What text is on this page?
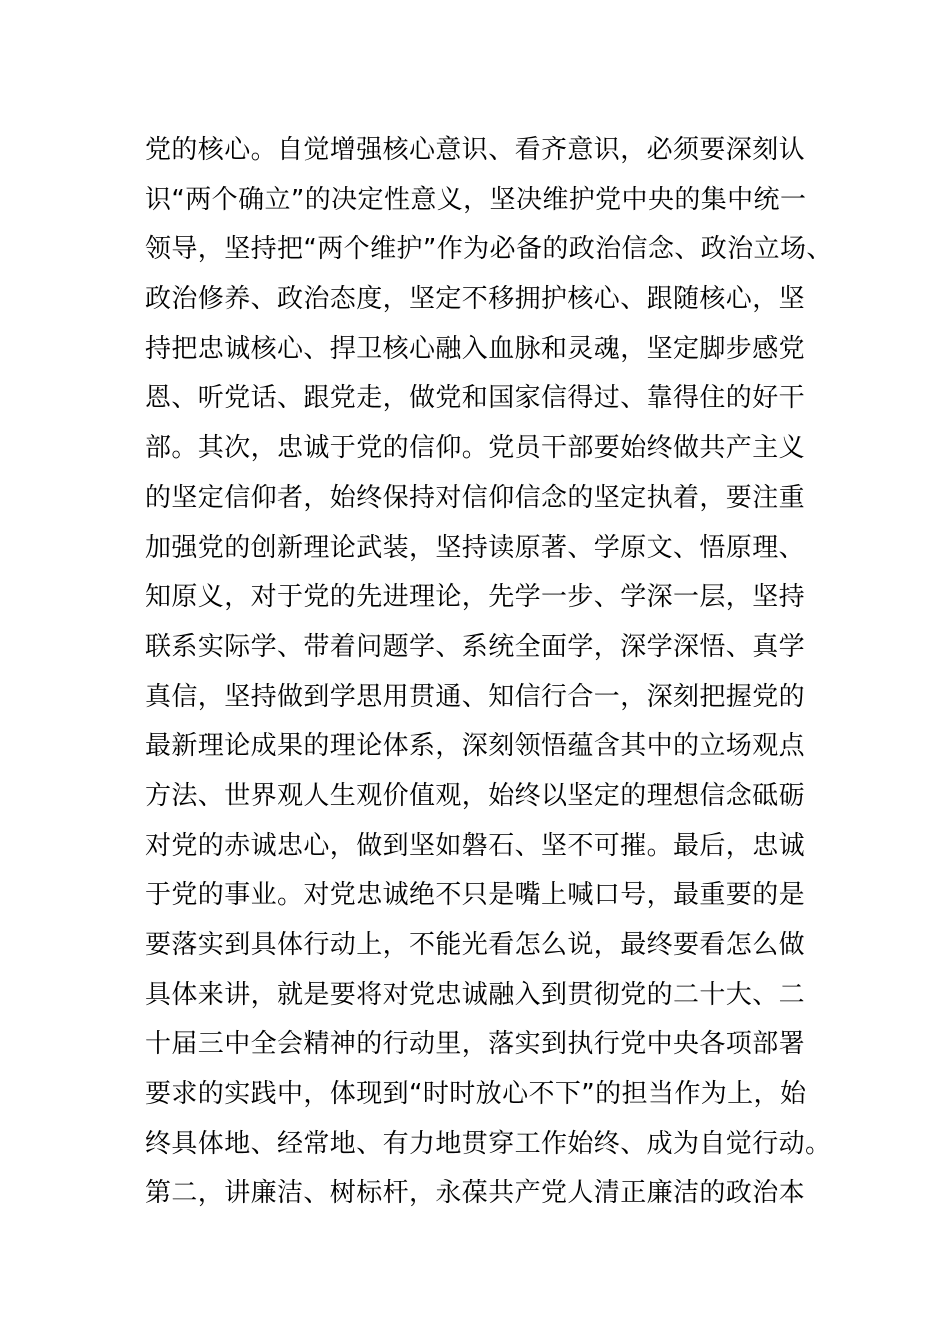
党的核心。自觉增强核心意识、看齐意识，必须要深刻认
识“两个确立”的决定性意义，坚决维护党中央的集中统一
领导，坚持把“两个维护”作为必备的政治信念、政治立场、
政治修养、政治态度，坚定不移拥护核心、跟随核心，坚
持把忠诚核心、捍卫核心融入血脉和灵魂，坚定脚步感党
恩、听党话、跟党走，做党和国家信得过、靠得住的好干
部。其次，忠诚于党的信仰。党员干部要始终做共产主义
的坚定信仰者，始终保持对信仰信念的坚定执着，要注重
加强党的创新理论武装，坚持读原著、学原文、悟原理、
知原义，对于党的先进理论，先学一步、学深一层，坚持
联系实际学、带着问题学、系统全面学，深学深悟、真学
真信，坚持做到学思用贯通、知信行合一，深刻把握党的
最新理论成果的理论体系，深刻领悟蕴含其中的立场观点
方法、世界观人生观价值观，始终以坚定的理想信念砥砺
对党的赤诚忠心，做到坚如磐石、坚不可摧。最后，忠诚
于党的事业。对党忠诚绝不只是嘴上喊口号，最重要的是
要落实到具体行动上，不能光看怎么说，最终要看怎么做
具体来讲，就是要将对党忠诚融入到贯彻党的二十大、二
十届三中全会精神的行动里，落实到执行党中央各项部署
要求的实践中，体现到“时时放心不下”的担当作为上，始
终具体地、经常地、有力地贯穿工作始终、成为自觉行动。
第二，讲廉洁、树标杆，永葆共产党人清正廉洁的政治本
